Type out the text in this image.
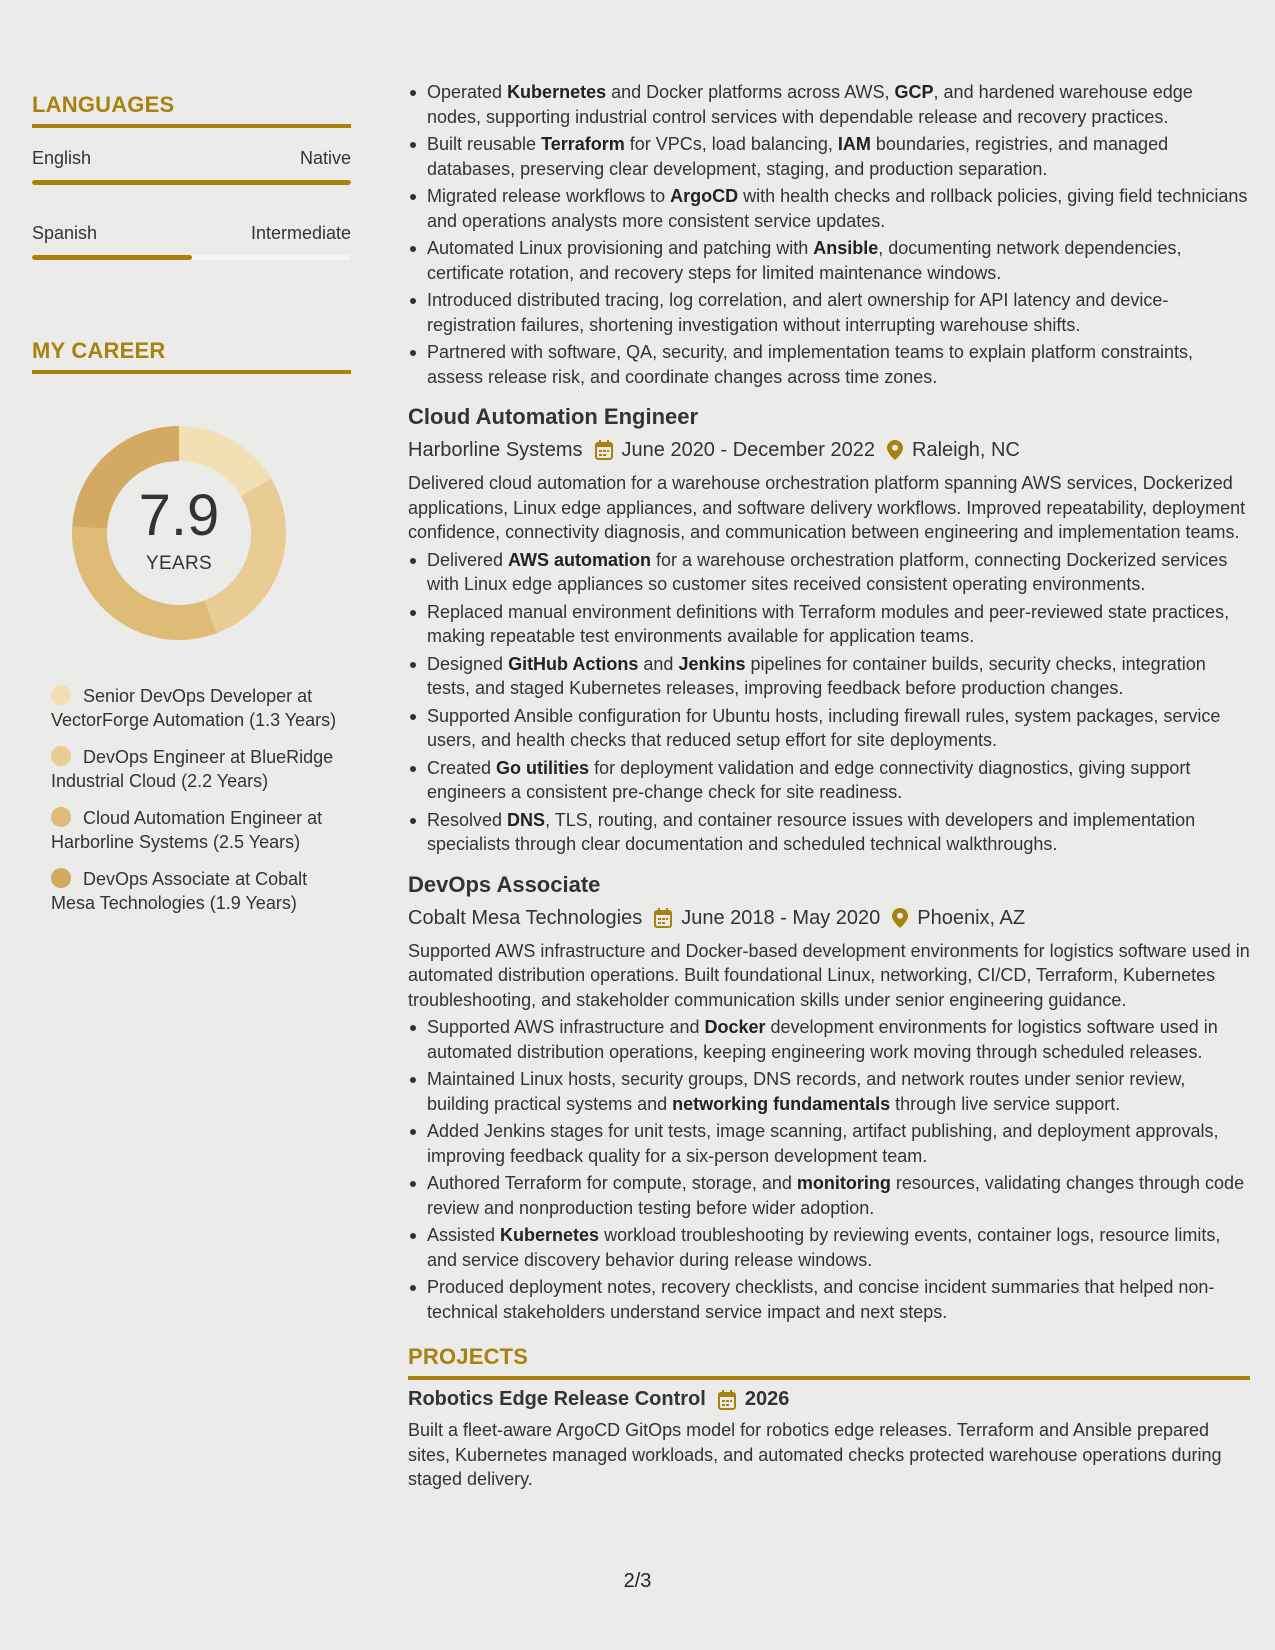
LANGUAGES
English	Native
Spanish	Intermediate
MY CAREER
7.9
YEARS
Senior DevOps Developer at VectorForge Automation (1.3 Years)
DevOps Engineer at BlueRidge Industrial Cloud (2.2 Years)
Cloud Automation Engineer at Harborline Systems (2.5 Years)
DevOps Associate at Cobalt Mesa Technologies (1.9 Years)
Operated Kubernetes and Docker platforms across AWS, GCP, and hardened warehouse edge nodes, supporting industrial control services with dependable release and recovery practices.
Built reusable Terraform for VPCs, load balancing, IAM boundaries, registries, and managed databases, preserving clear development, staging, and production separation.
Migrated release workflows to ArgoCD with health checks and rollback policies, giving field technicians and operations analysts more consistent service updates.
Automated Linux provisioning and patching with Ansible, documenting network dependencies, certificate rotation, and recovery steps for limited maintenance windows.
Introduced distributed tracing, log correlation, and alert ownership for API latency and device-registration failures, shortening investigation without interrupting warehouse shifts.
Partnered with software, QA, security, and implementation teams to explain platform constraints, assess release risk, and coordinate changes across time zones.
Cloud Automation Engineer
Harborline Systems June 2020 - December 2022 Raleigh, NC
Delivered cloud automation for a warehouse orchestration platform spanning AWS services, Dockerized applications, Linux edge appliances, and software delivery workflows. Improved repeatability, deployment confidence, connectivity diagnosis, and communication between engineering and implementation teams.
Delivered AWS automation for a warehouse orchestration platform, connecting Dockerized services with Linux edge appliances so customer sites received consistent operating environments.
Replaced manual environment definitions with Terraform modules and peer-reviewed state practices, making repeatable test environments available for application teams.
Designed GitHub Actions and Jenkins pipelines for container builds, security checks, integration tests, and staged Kubernetes releases, improving feedback before production changes.
Supported Ansible configuration for Ubuntu hosts, including firewall rules, system packages, service users, and health checks that reduced setup effort for site deployments.
Created Go utilities for deployment validation and edge connectivity diagnostics, giving support engineers a consistent pre-change check for site readiness.
Resolved DNS, TLS, routing, and container resource issues with developers and implementation specialists through clear documentation and scheduled technical walkthroughs.
DevOps Associate
Cobalt Mesa Technologies June 2018 - May 2020 Phoenix, AZ
Supported AWS infrastructure and Docker-based development environments for logistics software used in automated distribution operations. Built foundational Linux, networking, CI/CD, Terraform, Kubernetes troubleshooting, and stakeholder communication skills under senior engineering guidance.
Supported AWS infrastructure and Docker development environments for logistics software used in automated distribution operations, keeping engineering work moving through scheduled releases.
Maintained Linux hosts, security groups, DNS records, and network routes under senior review, building practical systems and networking fundamentals through live service support.
Added Jenkins stages for unit tests, image scanning, artifact publishing, and deployment approvals, improving feedback quality for a six-person development team.
Authored Terraform for compute, storage, and monitoring resources, validating changes through code review and nonproduction testing before wider adoption.
Assisted Kubernetes workload troubleshooting by reviewing events, container logs, resource limits, and service discovery behavior during release windows.
Produced deployment notes, recovery checklists, and concise incident summaries that helped non-technical stakeholders understand service impact and next steps.
PROJECTS
Robotics Edge Release Control 2026
Built a fleet-aware ArgoCD GitOps model for robotics edge releases. Terraform and Ansible prepared sites, Kubernetes managed workloads, and automated checks protected warehouse operations during staged delivery.
2/3
